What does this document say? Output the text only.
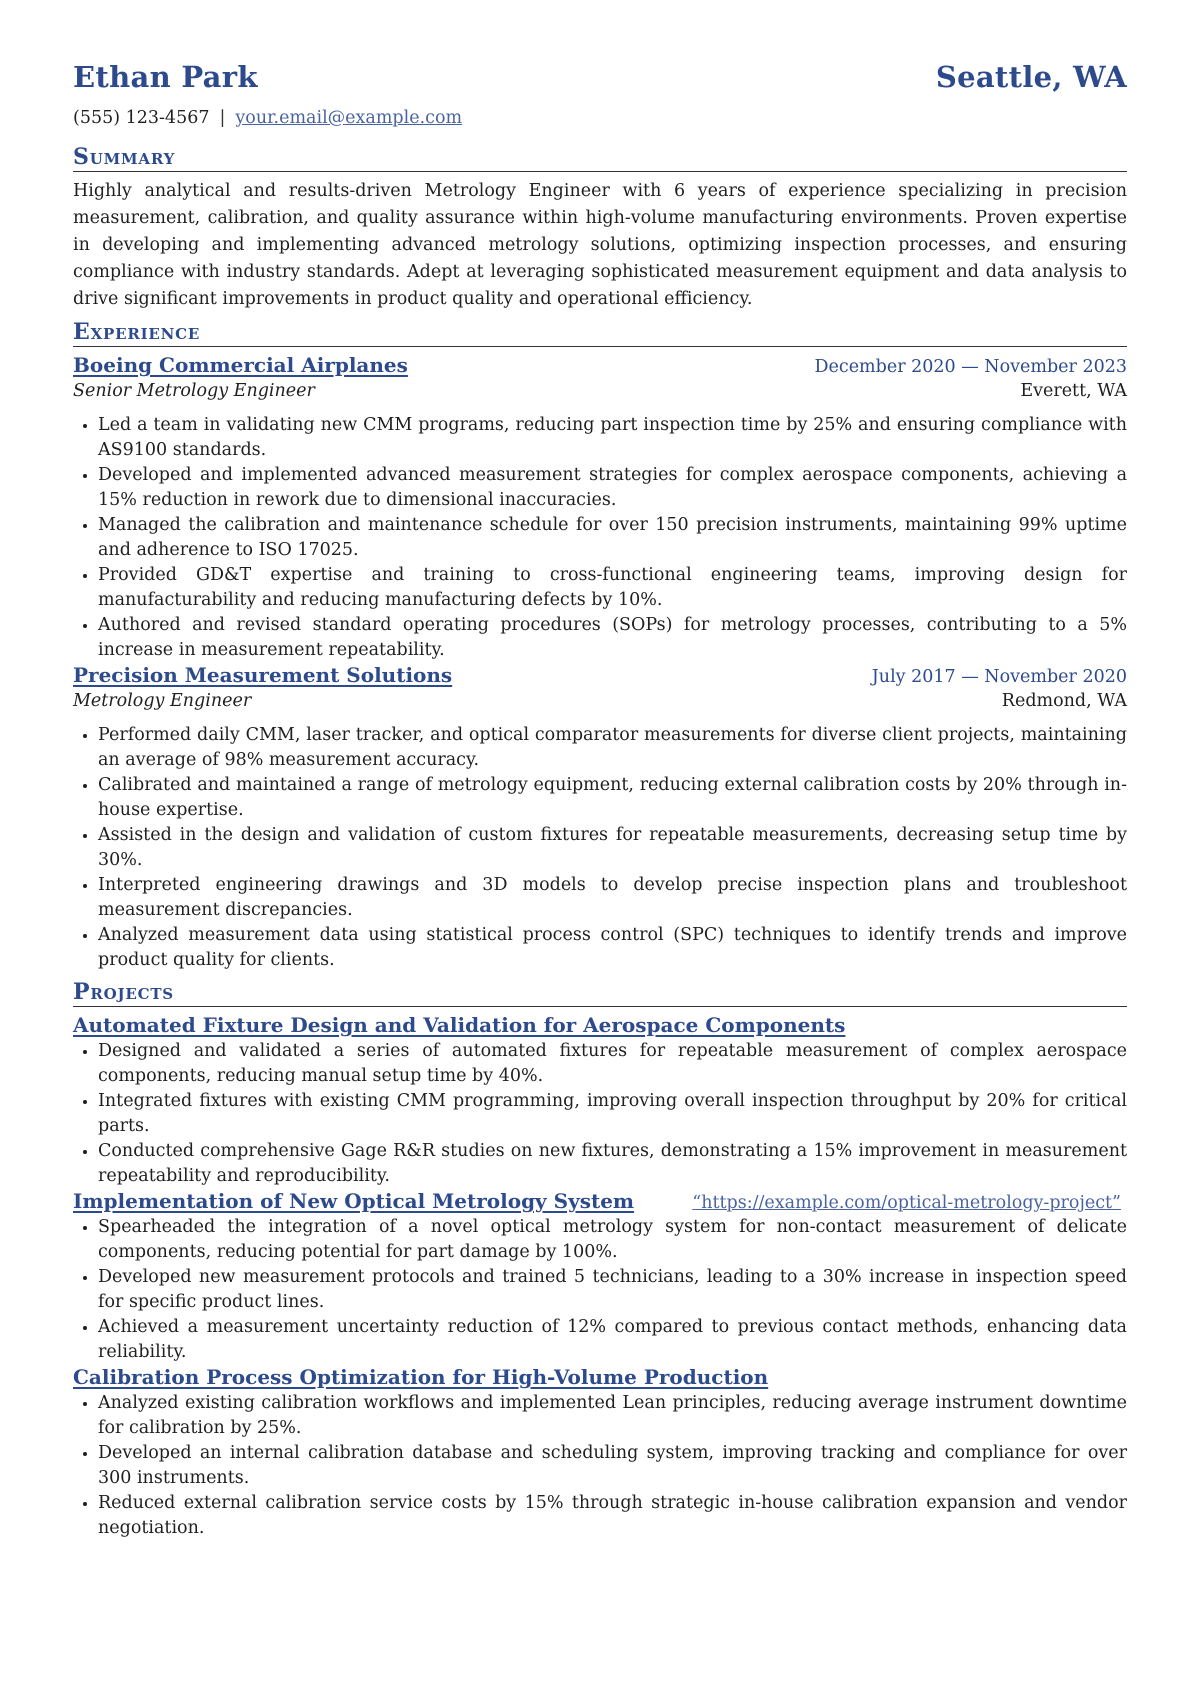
Ethan Park	Seattle, WA
(555) 123-4567 | your.email@example.com
Summary
Highly analytical and results-driven Metrology Engineer with 6 years of experience specializing in precision measurement, calibration, and quality assurance within high-volume manufacturing environments. Proven expertise in developing and implementing advanced metrology solutions, optimizing inspection processes, and ensuring compliance with industry standards. Adept at leveraging sophisticated measurement equipment and data analysis to drive significant improvements in product quality and operational efficiency.
Experience
Boeing Commercial Airplanes	December 2020 — November 2023
Senior Metrology Engineer	Everett, WA
• Led a team in validating new CMM programs, reducing part inspection time by 25% and ensuring compliance with AS9100 standards.
• Developed and implemented advanced measurement strategies for complex aerospace components, achieving a 15% reduction in rework due to dimensional inaccuracies.
• Managed the calibration and maintenance schedule for over 150 precision instruments, maintaining 99% uptime and adherence to ISO 17025.
• Provided GD&T expertise and training to cross-functional engineering teams, improving design for manufacturability and reducing manufacturing defects by 10%.
• Authored and revised standard operating procedures (SOPs) for metrology processes, contributing to a 5% increase in measurement repeatability.
Precision Measurement Solutions	July 2017 — November 2020
Metrology Engineer	Redmond, WA
• Performed daily CMM, laser tracker, and optical comparator measurements for diverse client projects, maintaining an average of 98% measurement accuracy.
• Calibrated and maintained a range of metrology equipment, reducing external calibration costs by 20% through in-house expertise.
• Assisted in the design and validation of custom fixtures for repeatable measurements, decreasing setup time by 30%.
• Interpreted engineering drawings and 3D models to develop precise inspection plans and troubleshoot measurement discrepancies.
• Analyzed measurement data using statistical process control (SPC) techniques to identify trends and improve product quality for clients.
Projects
Automated Fixture Design and Validation for Aerospace Components
• Designed and validated a series of automated fixtures for repeatable measurement of complex aerospace components, reducing manual setup time by 40%.
• Integrated fixtures with existing CMM programming, improving overall inspection throughput by 20% for critical parts.
• Conducted comprehensive Gage R&R studies on new fixtures, demonstrating a 15% improvement in measurement repeatability and reproducibility.
Implementation of New Optical Metrology System	“https://example.com/optical-metrology-project”
• Spearheaded the integration of a novel optical metrology system for non-contact measurement of delicate components, reducing potential for part damage by 100%.
• Developed new measurement protocols and trained 5 technicians, leading to a 30% increase in inspection speed for specific product lines.
• Achieved a measurement uncertainty reduction of 12% compared to previous contact methods, enhancing data reliability.
Calibration Process Optimization for High-Volume Production
• Analyzed existing calibration workflows and implemented Lean principles, reducing average instrument downtime for calibration by 25%.
• Developed an internal calibration database and scheduling system, improving tracking and compliance for over 300 instruments.
• Reduced external calibration service costs by 15% through strategic in-house calibration expansion and vendor negotiation.
